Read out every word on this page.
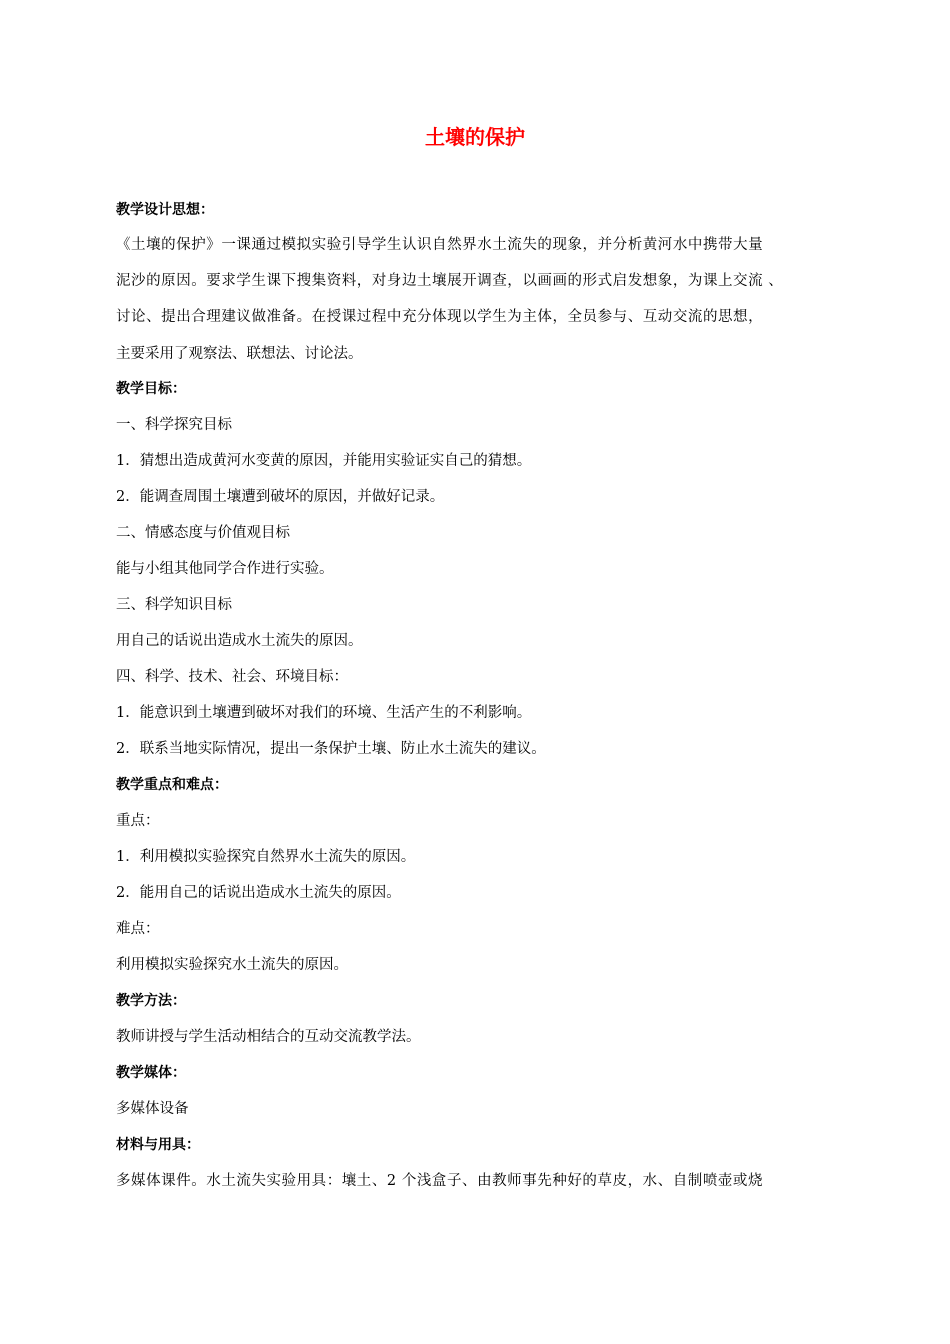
土壤的保护
教学设计思想：
《土壤的保护》一课通过模拟实验引导学生认识自然界水土流失的现象，并分析黄河水中携带大量
泥沙的原因。要求学生课下搜集资料，对身边土壤展开调查，以画画的形式启发想象，为课上交流 、
讨论、提出合理建议做准备。在授课过程中充分体现以学生为主体，全员参与、互动交流的思想，
主要采用了观察法、联想法、讨论法。
教学目标：
一、科学探究目标
1．猜想出造成黄河水变黄的原因，并能用实验证实自己的猜想。
2．能调查周围土壤遭到破坏的原因，并做好记录。
二、情感态度与价值观目标
能与小组其他同学合作进行实验。
三、科学知识目标
用自己的话说出造成水土流失的原因。
四、科学、技术、社会、环境目标：
1．能意识到土壤遭到破坏对我们的环境、生活产生的不利影响。
2．联系当地实际情况，提出一条保护土壤、防止水土流失的建议。
教学重点和难点：
重点：
1．利用模拟实验探究自然界水土流失的原因。
2．能用自己的话说出造成水土流失的原因。
难点：
利用模拟实验探究水土流失的原因。
教学方法：
教师讲授与学生活动相结合的互动交流教学法。
教学媒体：
多媒体设备
材料与用具：
多媒体课件。水土流失实验用具：壤土、2 个浅盒子、由教师事先种好的草皮，水、自制喷壶或烧
